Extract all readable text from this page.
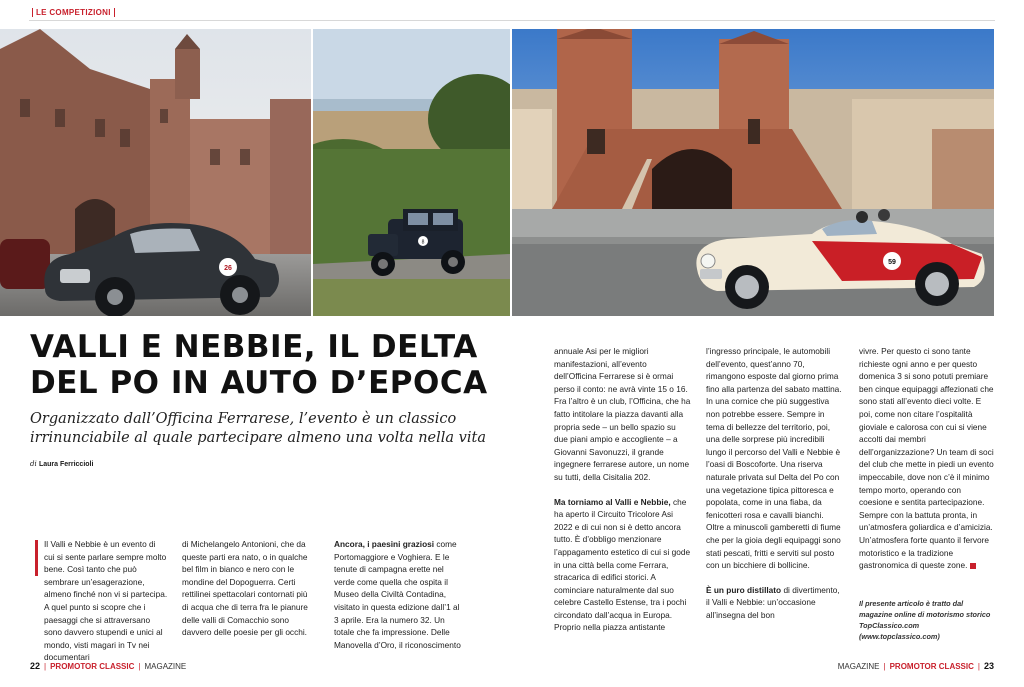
LE COMPETIZIONI
26
8
59
VALLI E NEBBIE, IL DELTA
DEL PO IN AUTO D’EPOCA
Organizzato dall’Officina Ferrarese, l’evento è un classico irrinunciabile al quale partecipare almeno una volta nella vita
di Laura Ferriccioli

Il Valli e Nebbie è un evento di cui si sente parlare sempre molto bene. Così tanto che può sembrare un’esagerazione, almeno finché non vi si partecipa. A quel punto si scopre che i paesaggi che si attraversano sono davvero stupendi e unici al mondo, visti magari in Tv nei documentari

di Michelangelo Antonioni, che da queste parti era nato, o in qualche bel film in bianco e nero con le mondine del Dopoguerra. Certi rettilinei spettacolari contornati più di acqua che di terra fra le pianure delle valli di Comacchio sono davvero delle poesie per gli occhi.

Ancora, i paesini graziosi come Portomaggiore e Voghiera. E le tenute di campagna erette nel verde come quella che ospita il Museo della Civiltà Contadina, visitato in questa edizione dall’1 al 3 aprile. Era la numero 32. Un totale che fa impressione. Delle Manovella d’Oro, il riconoscimento

annuale Asi per le migliori manifestazioni, all’evento dell’Officina Ferrarese si è ormai perso il conto: ne avrà vinte 15 o 16. Fra l’altro è un club, l’Officina, che ha fatto intitolare la piazza davanti alla propria sede – un bello spazio su due piani ampio e accogliente – a Giovanni Savonuzzi, il grande ingegnere ferrarese autore, un nome su tutti, della Cisitalia 202.

Ma torniamo al Valli e Nebbie, che ha aperto il Circuito Tricolore Asi 2022 e di cui non si è detto ancora tutto. È d’obbligo menzionare l’appagamento estetico di cui si gode in una città bella come Ferrara, stracarica di edifici storici. A cominciare naturalmente dal suo celebre Castello Estense, tra i pochi circondato dall’acqua in Europa. Proprio nella piazza antistante

l’ingresso principale, le automobili dell’evento, quest’anno 70, rimangono esposte dal giorno prima fino alla partenza del sabato mattina. In una cornice che più suggestiva non potrebbe essere. Sempre in tema di bellezze del territorio, poi, una delle sorprese più incredibili lungo il percorso del Valli e Nebbie è l’oasi di Boscoforte. Una riserva naturale privata sul Delta del Po con una vegetazione tipica pittoresca e popolata, come in una fiaba, da fenicotteri rosa e cavalli bianchi. Oltre a minuscoli gamberetti di fiume che per la gioia degli equipaggi sono stati pescati, fritti e serviti sul posto con un bicchiere di bollicine.

È un puro distillato di divertimento, il Valli e Nebbie: un’occasione all’insegna del bon

vivre. Per questo ci sono tante richieste ogni anno e per questo domenica 3 si sono potuti premiare ben cinque equipaggi affezionati che sono stati all’evento dieci volte. E poi, come non citare l’ospitalità gioviale e calorosa con cui si viene accolti dai membri dell’organizzazione? Un team di soci del club che mette in piedi un evento impeccabile, dove non c’è il minimo tempo morto, operando con coesione e sentita partecipazione. Sempre con la battuta pronta, in un’atmosfera goliardica e d’amicizia. Un’atmosfera forte quanto il fervore motoristico e la tradizione gastronomica di queste zone.

Il presente articolo è tratto dal magazine online di motorismo storico TopClassico.com (www.topclassico.com)
22 | PROMOTOR CLASSIC | MAGAZINE	MAGAZINE | PROMOTOR CLASSIC | 23
